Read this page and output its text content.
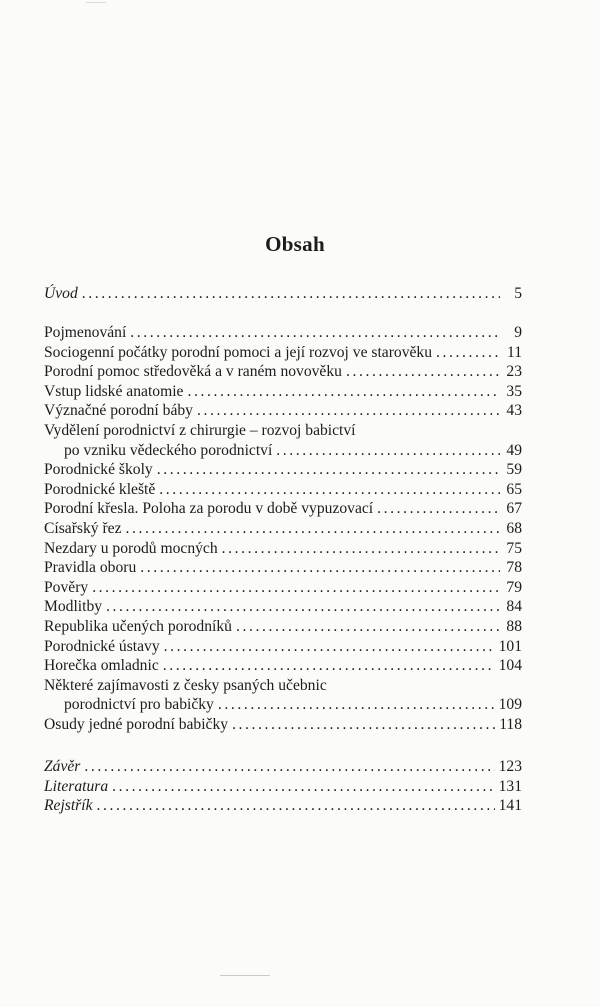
Obsah
Úvod .....	5
Pojmenování .....	9
Sociogenní počátky porodní pomoci a její rozvoj ve starověku .....	11
Porodní pomoc středověká a v raném novověku .....	23
Vstup lidské anatomie .....	35
Význačné porodní báby .....	43
Vydělení porodnictví z chirurgie – rozvoj babictví
po vzniku vědeckého porodnictví .....	49
Porodnické školy .....	59
Porodnické kleště .....	65
Porodní křesla. Poloha za porodu v době vypuzovací .....	67
Císařský řez .....	68
Nezdary u porodů mocných .....	75
Pravidla oboru .....	78
Pověry .....	79
Modlitby .....	84
Republika učených porodníků .....	88
Porodnické ústavy .....	101
Horečka omladnic .....	104
Některé zajímavosti z česky psaných učebnic
porodnictví pro babičky .....	109
Osudy jedné porodní babičky .....	118
Závěr .....	123
Literatura .....	131
Rejstřík .....	141
